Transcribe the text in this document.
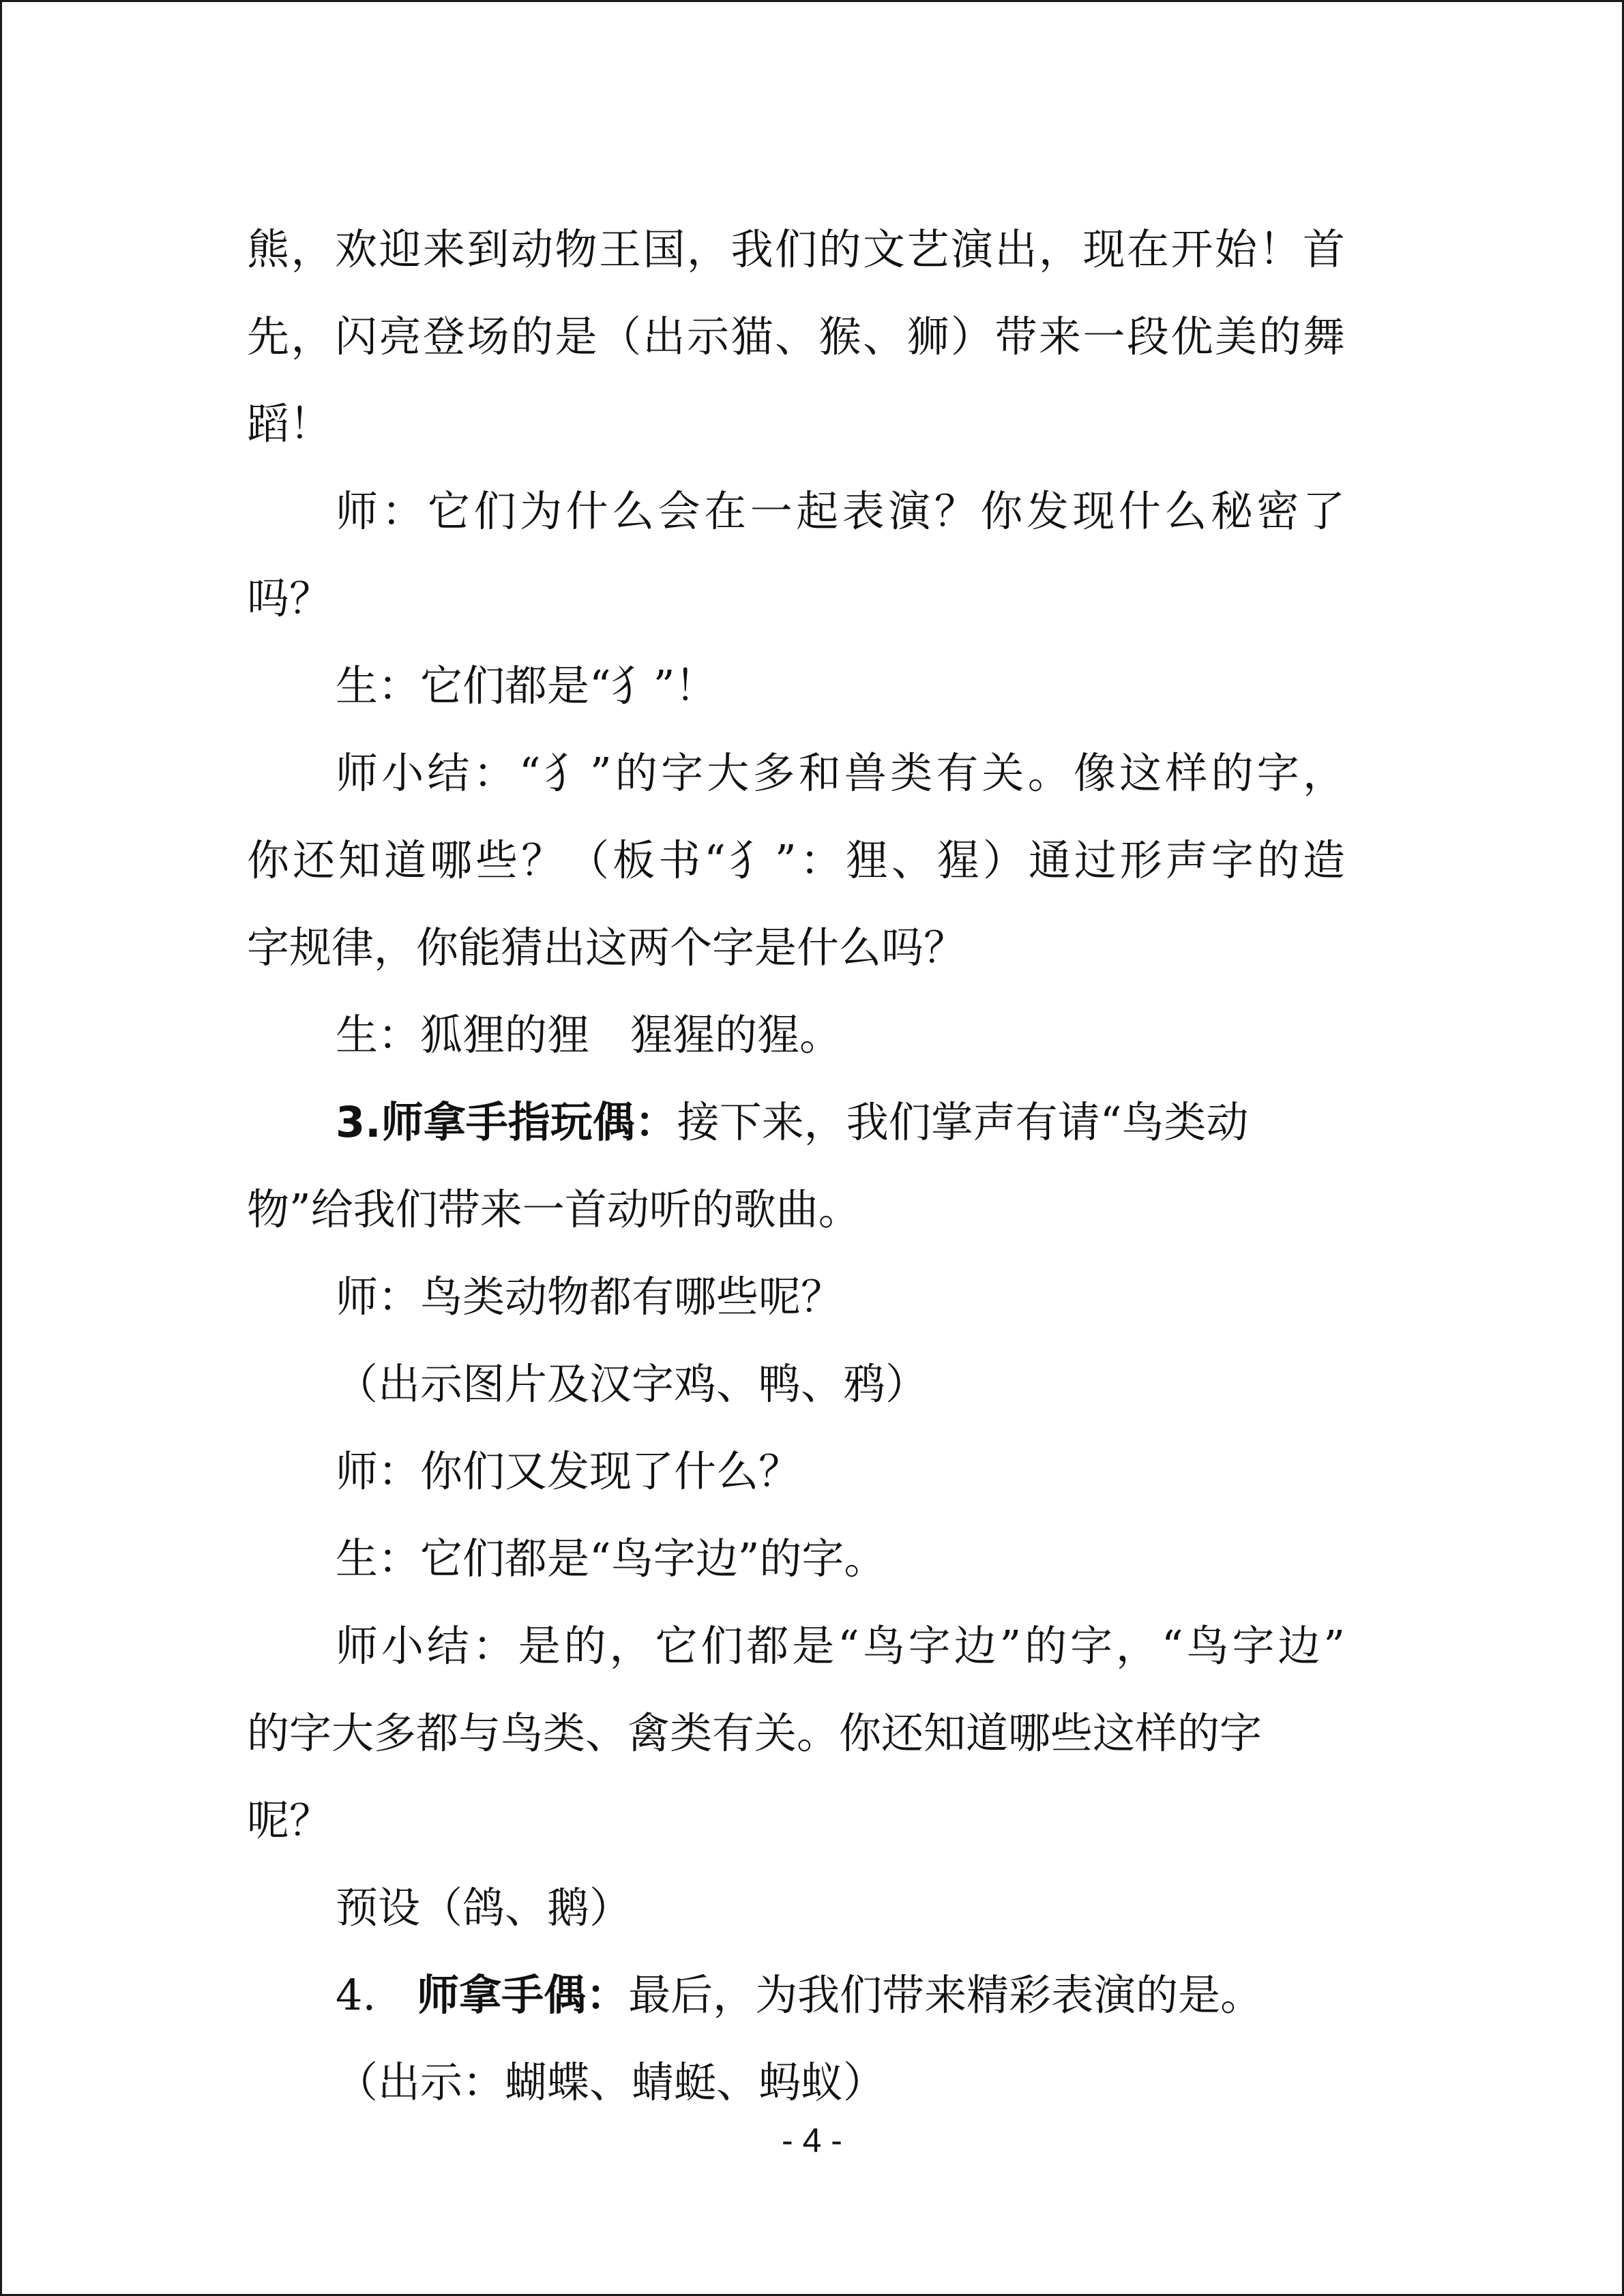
熊，欢迎来到动物王国，我们的文艺演出，现在开始！首
先，闪亮登场的是（出示猫、猴、狮）带来一段优美的舞
蹈！
师：它们为什么会在一起表演？你发现什么秘密了
吗？
生：它们都是“犭”！
师小结：“犭”的字大多和兽类有关。像这样的字，
你还知道哪些？（板书“犭”：狸、猩）通过形声字的造
字规律，你能猜出这两个字是什么吗？
生：狐狸的狸 猩猩的猩。
3.师拿手指玩偶：接下来，我们掌声有请“鸟类动
物”给我们带来一首动听的歌曲。
师：鸟类动物都有哪些呢？
（出示图片及汉字鸡、鸭、鸦）
师：你们又发现了什么？
生：它们都是“鸟字边”的字。
师小结：是的，它们都是“鸟字边”的字，“鸟字边”
的字大多都与鸟类、禽类有关。你还知道哪些这样的字
呢？
预设（鸽、鹅）
4. 师拿手偶：最后，为我们带来精彩表演的是。
（出示：蝴蝶、蜻蜓、蚂蚁）
- 4 -
